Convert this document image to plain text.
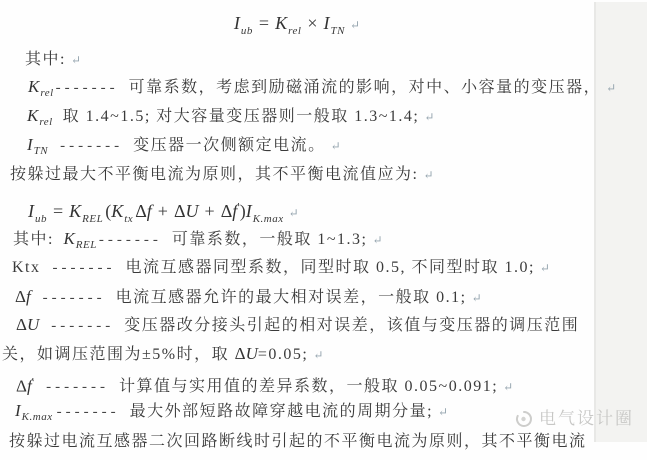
$I_{ub} = K_{rel} \times I_{TN}$ ↵
其中: ↵
$K_{rel}$ ------- 可靠系数，考虑到励磁涌流的影响，对中、小容量的变压器， ↵
$K_{rel}$ 取 1.4~1.5; 对大容量变压器则一般取 1.3~1.4; ↵
$I_{TN}$ ------- 变压器一次侧额定电流。 ↵
按躲过最大不平衡电流为原则，其不平衡电流值应为: ↵
$I_{ub} = K_{REL}$ ($K_{tx}$ $\Delta f + \Delta U + \Delta f')I_{K.max}$ ↵
其中: $K_{REL}$ ------- 可靠系数，一般取 1~1.3; ↵
Ktx ------- 电流互感器同型系数，同型时取 0.5, 不同型时取 1.0; ↵
Δf ------- 电流互感器允许的最大相对误差，一般取 0.1; ↵
ΔU ------- 变压器改分接头引起的相对误差，该值与变压器的调压范围
关，如调压范围为±5%时，取 ΔU=0.05; ↵
Δf′ ------- 计算值与实用值的差异系数，一般取 0.05~0.091; ↵
$I_{K.max}$ ------- 最大外部短路故障穿越电流的周期分量; ↵
按躲过电流互感器二次回路断线时引起的不平衡电流为原则，其不平衡电流
电气设计圈
